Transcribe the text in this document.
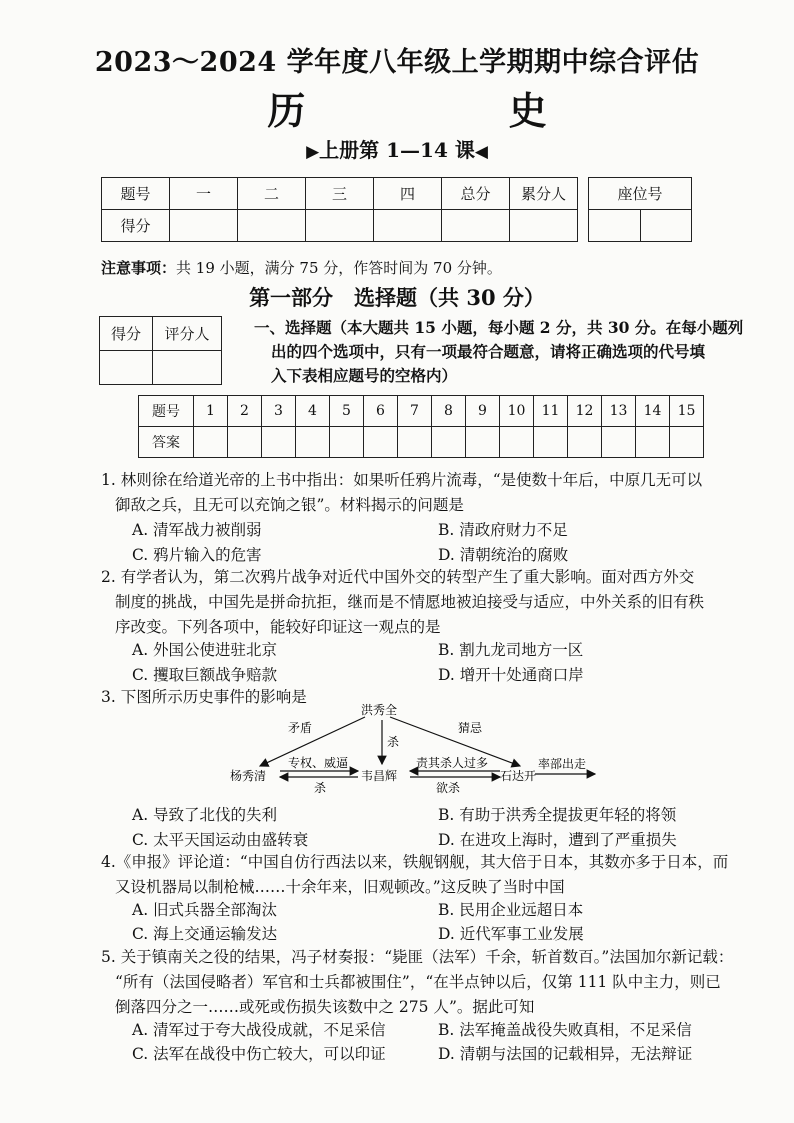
2023～2024 学年度八年级上学期期中综合评估
历 史
▶上册第 1—14 课◀
题号	一	二	三	四	总分	累分人
得分						
座位号

注意事项：共 19 小题，满分 75 分，作答时间为 70 分钟。
第一部分　选择题（共 30 分）
得分	评分人
		一、选择题（本大题共 15 小题，每小题 2 分，共 30 分。在每小题列
出的四个选项中，只有一项最符合题意，请将正确选项的代号填
入下表相应题号的空格内）
题号	1	2	3	4	5	6	7	8	9	10	11	12	13	14	15
答案															
1. 林则徐在给道光帝的上书中指出：如果听任鸦片流毒，“是使数十年后，中原几无可以
御敌之兵，且无可以充饷之银”。材料揭示的问题是
A. 清军战力被削弱	B. 清政府财力不足
C. 鸦片输入的危害	D. 清朝统治的腐败
2. 有学者认为，第二次鸦片战争对近代中国外交的转型产生了重大影响。面对西方外交
制度的挑战，中国先是拼命抗拒，继而是不情愿地被迫接受与适应，中外关系的旧有秩
序改变。下列各项中，能较好印证这一观点的是
A. 外国公使进驻北京	B. 割九龙司地方一区
C. 攫取巨额战争赔款	D. 增开十处通商口岸
3. 下图所示历史事件的影响是
洪秀全
杨秀清	韦昌辉	石达开
矛盾	猜忌
杀
专权、威逼
杀
责其杀人过多
欲杀
率部出走
A. 导致了北伐的失利	B. 有助于洪秀全提拔更年轻的将领
C. 太平天国运动由盛转衰	D. 在进攻上海时，遭到了严重损失
4.《申报》评论道：“中国自仿行西法以来，铁舰钢舰，其大倍于日本，其数亦多于日本，而
又设机器局以制枪械……十余年来，旧观顿改。”这反映了当时中国
A. 旧式兵器全部淘汰	B. 民用企业远超日本
C. 海上交通运输发达	D. 近代军事工业发展
5. 关于镇南关之役的结果，冯子材奏报：“毙匪（法军）千余，斩首数百。”法国加尔新记载：
“所有（法国侵略者）军官和士兵都被围住”，“在半点钟以后，仅第 111 队中主力，则已
倒落四分之一……或死或伤损失该数中之 275 人”。据此可知
A. 清军过于夸大战役成就，不足采信	B. 法军掩盖战役失败真相，不足采信
C. 法军在战役中伤亡较大，可以印证	D. 清朝与法国的记载相异，无法辩证
